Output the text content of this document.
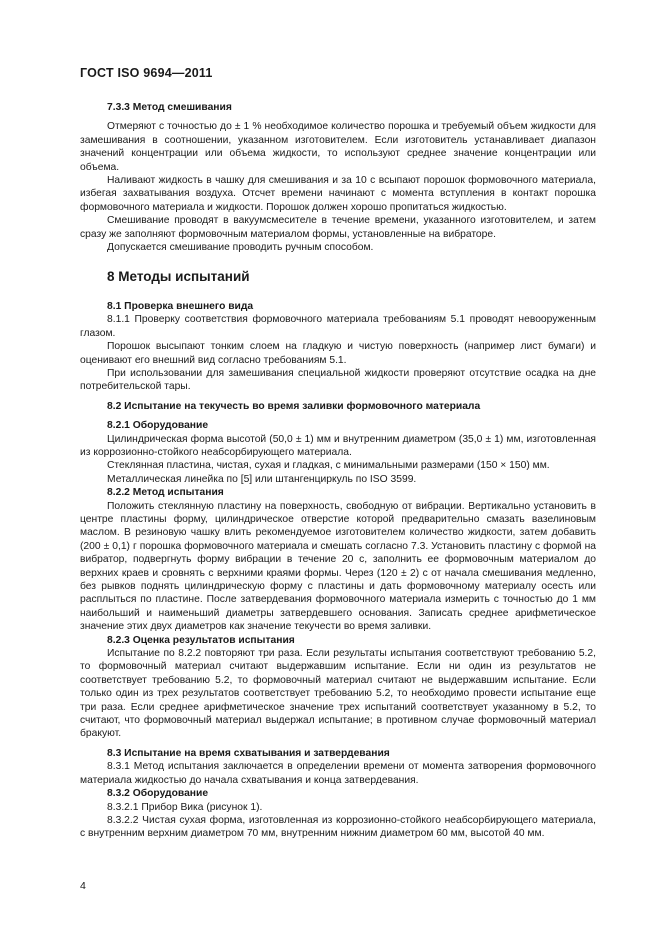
ГОСТ ISO 9694—2011

7.3.3 Метод смешивания

Отмеряют с точностью до ± 1 % необходимое количество порошка и требуемый объем жидкости для замешивания в соотношении, указанном изготовителем. Если изготовитель устанавливает диапазон значений концентрации или объема жидкости, то используют среднее значение концентрации или объема.

Наливают жидкость в чашку для смешивания и за 10 с всыпают порошок формовочного материала, избегая захватывания воздуха. Отсчет времени начинают с момента вступления в контакт порошка формовочного материала и жидкости. Порошок должен хорошо пропитаться жидкостью.

Смешивание проводят в вакуумсмесителе в течение времени, указанного изготовителем, и затем сразу же заполняют формовочным материалом формы, установленные на вибраторе.

Допускается смешивание проводить ручным способом.

8 Методы испытаний

8.1 Проверка внешнего вида

8.1.1 Проверку соответствия формовочного материала требованиям 5.1 проводят невооруженным глазом.

Порошок высыпают тонким слоем на гладкую и чистую поверхность (например лист бумаги) и оценивают его внешний вид согласно требованиям 5.1.

При использовании для замешивания специальной жидкости проверяют отсутствие осадка на дне потребительской тары.

8.2 Испытание на текучесть во время заливки формовочного материала

8.2.1 Оборудование

Цилиндрическая форма высотой (50,0 ± 1) мм и внутренним диаметром (35,0 ± 1) мм, изготовленная из коррозионно-стойкого неабсорбирующего материала.

Стеклянная пластина, чистая, сухая и гладкая, с минимальными размерами (150 × 150) мм.

Металлическая линейка по [5] или штангенциркуль по ISO 3599.

8.2.2 Метод испытания

Положить стеклянную пластину на поверхность, свободную от вибрации. Вертикально установить в центре пластины форму, цилиндрическое отверстие которой предварительно смазать вазелиновым маслом. В резиновую чашку влить рекомендуемое изготовителем количество жидкости, затем добавить (200 ± 0,1) г порошка формовочного материала и смешать согласно 7.3. Установить пластину с формой на вибратор, подвергнуть форму вибрации в течение 20 с, заполнить ее формовочным материалом до верхних краев и сровнять с верхними краями формы. Через (120 ± 2) с от начала смешивания медленно, без рывков поднять цилиндрическую форму с пластины и дать формовочному материалу осесть или расплыться по пластине. После затвердевания формовочного материала измерить с точностью до 1 мм наибольший и наименьший диаметры затвердевшего основания. Записать среднее арифметическое значение этих двух диаметров как значение текучести во время заливки.

8.2.3 Оценка результатов испытания

Испытание по 8.2.2 повторяют три раза. Если результаты испытания соответствуют требованию 5.2, то формовочный материал считают выдержавшим испытание. Если ни один из результатов не соответствует требованию 5.2, то формовочный материал считают не выдержавшим испытание. Если только один из трех результатов соответствует требованию 5.2, то необходимо провести испытание еще три раза. Если среднее арифметическое значение трех испытаний соответствует указанному в 5.2, то считают, что формовочный материал выдержал испытание; в противном случае формовочный материал бракуют.

8.3 Испытание на время схватывания и затвердевания

8.3.1 Метод испытания заключается в определении времени от момента затворения формовочного материала жидкостью до начала схватывания и конца затвердевания.

8.3.2 Оборудование

8.3.2.1 Прибор Вика (рисунок 1).

8.3.2.2 Чистая сухая форма, изготовленная из коррозионно-стойкого неабсорбирующего материала, с внутренним верхним диаметром 70 мм, внутренним нижним диаметром 60 мм, высотой 40 мм.

4
